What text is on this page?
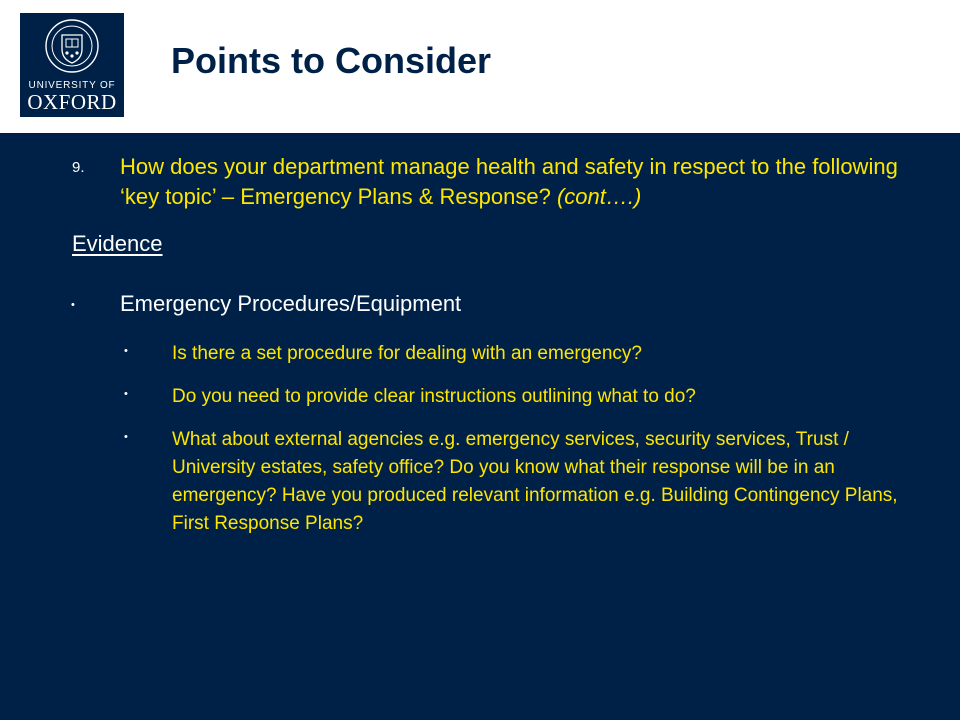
UNIVERSITY OF
OXFORD
Points to Consider
9. How does your department manage health and safety in respect to the following ‘key topic’ – Emergency Plans & Response? (cont….)
Evidence
• Emergency Procedures/Equipment
• Is there a set procedure for dealing with an emergency?
• Do you need to provide clear instructions outlining what to do?
• What about external agencies e.g. emergency services, security services, Trust / University estates, safety office? Do you know what their response will be in an emergency? Have you produced relevant information e.g. Building Contingency Plans, First Response Plans?
